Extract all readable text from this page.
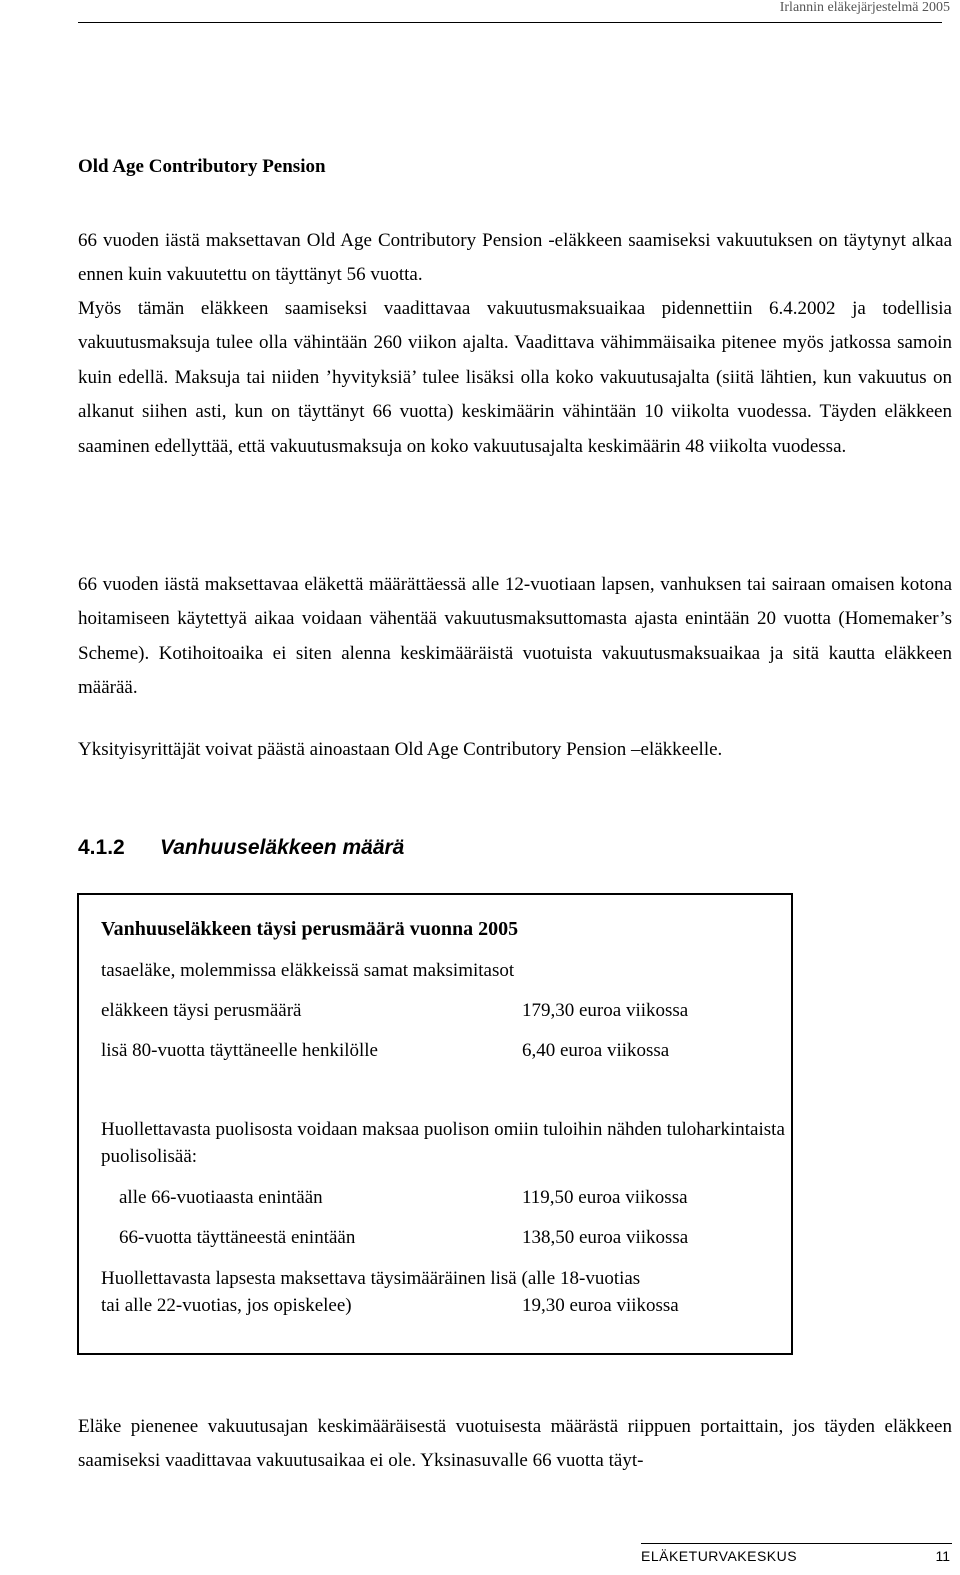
Irlannin eläkejärjestelmä 2005
Old Age Contributory Pension

66 vuoden iästä maksettavan Old Age Contributory Pension -eläkkeen saamiseksi vakuutuksen on täytynyt alkaa ennen kuin vakuutettu on täyttänyt 56 vuotta.

Myös tämän eläkkeen saamiseksi vaadittavaa vakuutusmaksuaikaa pidennettiin 6.4.2002 ja todellisia vakuutusmaksuja tulee olla vähintään 260 viikon ajalta. Vaadittava vähimmäisaika pitenee myös jatkossa samoin kuin edellä. Maksuja tai niiden ’hyvityksiä’ tulee lisäksi olla koko vakuutusajalta (siitä lähtien, kun vakuutus on alkanut siihen asti, kun on täyttänyt 66 vuotta) keskimäärin vähintään 10 viikolta vuodessa. Täyden eläkkeen saaminen edellyttää, että vakuutusmaksuja on koko vakuutusajalta keskimäärin 48 viikolta vuodessa.

66 vuoden iästä maksettavaa eläkettä määrättäessä alle 12-vuotiaan lapsen, vanhuksen tai sairaan omaisen kotona hoitamiseen käytettyä aikaa voidaan vähentää vakuutusmaksuttomasta ajasta enintään 20 vuotta (Homemaker’s Scheme). Kotihoitoaika ei siten alenna keskimääräistä vuotuista vakuutusmaksuaikaa ja sitä kautta eläkkeen määrää.

Yksityisyrittäjät voivat päästä ainoastaan Old Age Contributory Pension –eläkkeelle.

4.1.2 Vanhuuseläkkeen määrä
Vanhuuseläkkeen täysi perusmäärä vuonna 2005
tasaeläke, molemmissa eläkkeissä samat maksimitasot
eläkkeen täysi perusmäärä	179,30 euroa viikossa
lisä 80-vuotta täyttäneelle henkilölle	6,40 euroa viikossa
Huollettavasta puolisosta voidaan maksaa puolison omiin tuloihin nähden tuloharkintaista puolisolisää:
alle 66-vuotiaasta enintään	119,50 euroa viikossa
66-vuotta täyttäneestä enintään	138,50 euroa viikossa
Huollettavasta lapsesta maksettava täysimääräinen lisä (alle 18-vuotias
tai alle 22-vuotias, jos opiskelee)	19,30 euroa viikossa

Eläke pienenee vakuutusajan keskimääräisestä vuotuisesta määrästä riippuen portaittain, jos täyden eläkkeen saamiseksi vaadittavaa vakuutusaikaa ei ole. Yksinasuvalle 66 vuotta täyt-

ELÄKETURVAKESKUS	11
